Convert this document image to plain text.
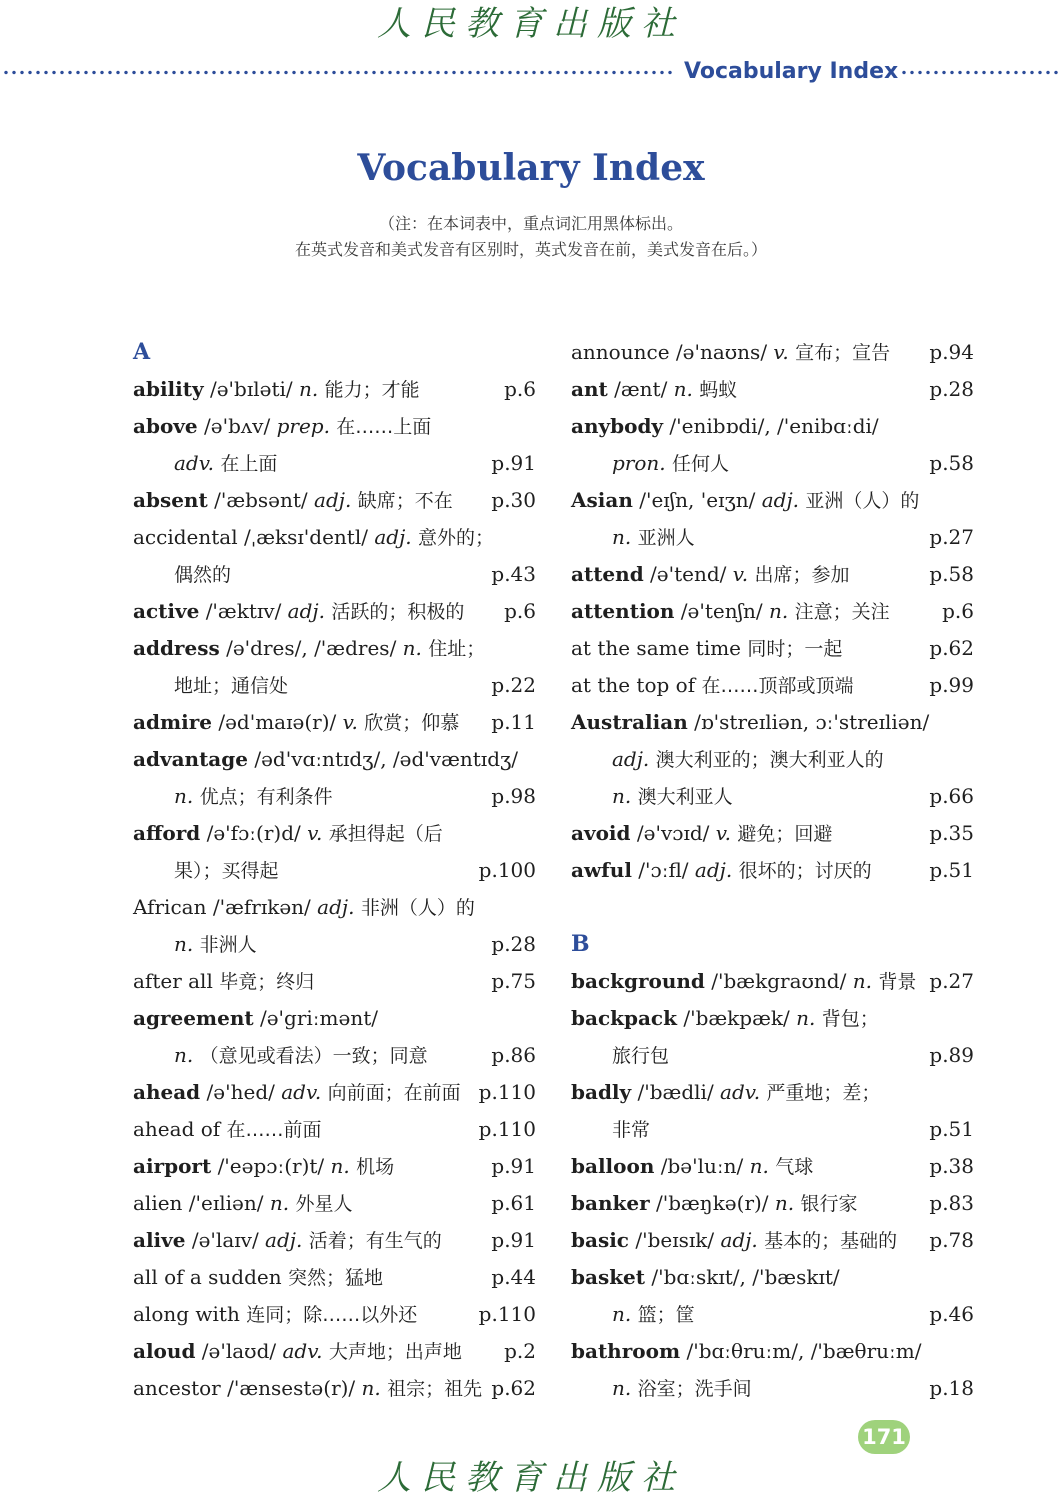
人民教育出版社
Vocabulary Index
Vocabulary Index
（注：在本词表中，重点词汇用黑体标出。
在英式发音和美式发音有区别时，英式发音在前，美式发音在后。）
A
ability /ə'bɪləti/ n. 能力；才能	p.6
above /ə'bʌv/ prep. 在……上面
adv. 在上面	p.91
absent /'æbsənt/ adj. 缺席；不在 p.30
accidental /ˌæksɪ'dentl/ adj. 意外的；
偶然的	p.43
active /'æktɪv/ adj. 活跃的；积极的 p.6
address /ə'dres/, /'ædres/ n. 住址；
地址；通信处	p.22
admire /əd'maɪə(r)/ v. 欣赏；仰慕 p.11
advantage /əd'vɑːntɪdʒ/, /əd'væntɪdʒ/
n. 优点；有利条件	p.98
afford /ə'fɔː(r)d/ v. 承担得起（后
果）；买得起	p.100
African /'æfrɪkən/ adj. 非洲（人）的
n. 非洲人	p.28
after all 毕竟；终归	p.75
agreement /ə'griːmənt/
n. （意见或看法）一致；同意	p.86
ahead /ə'hed/ adv. 向前面；在前面 p.110
ahead of 在……前面	p.110
airport /'eəpɔː(r)t/ n. 机场	p.91
alien /'eɪliən/ n. 外星人	p.61
alive /ə'laɪv/ adj. 活着；有生气的 p.91
all of a sudden 突然；猛地	p.44
along with 连同；除……以外还	p.110
aloud /ə'laʊd/ adv. 大声地；出声地 p.2
ancestor /'ænsestə(r)/ n. 祖宗；祖先 p.62
announce /ə'naʊns/ v. 宣布；宣告 p.94
ant /ænt/ n. 蚂蚁	p.28
anybody /'enibɒdi/, /'enibɑːdi/
pron. 任何人	p.58
Asian /'eɪʃn, 'eɪʒn/ adj. 亚洲（人）的
n. 亚洲人	p.27
attend /ə'tend/ v. 出席；参加	p.58
attention /ə'tenʃn/ n. 注意；关注	p.6
at the same time 同时；一起	p.62
at the top of 在……顶部或顶端	p.99
Australian /ɒ'streɪliən, ɔː'streɪliən/
adj. 澳大利亚的；澳大利亚人的
n. 澳大利亚人	p.66
avoid /ə'vɔɪd/ v. 避免；回避	p.35
awful /'ɔːfl/ adj. 很坏的；讨厌的	p.51
B
background /'bækgraʊnd/ n. 背景 p.27
backpack /'bækpæk/ n. 背包；
旅行包	p.89
badly /'bædli/ adv. 严重地；差；
非常	p.51
balloon /bə'luːn/ n. 气球	p.38
banker /'bæŋkə(r)/ n. 银行家	p.83
basic /'beɪsɪk/ adj. 基本的；基础的 p.78
basket /'bɑːskɪt/, /'bæskɪt/
n. 篮；筐	p.46
bathroom /'bɑːθruːm/, /'bæθruːm/
n. 浴室；洗手间	p.18
171
人民教育出版社
